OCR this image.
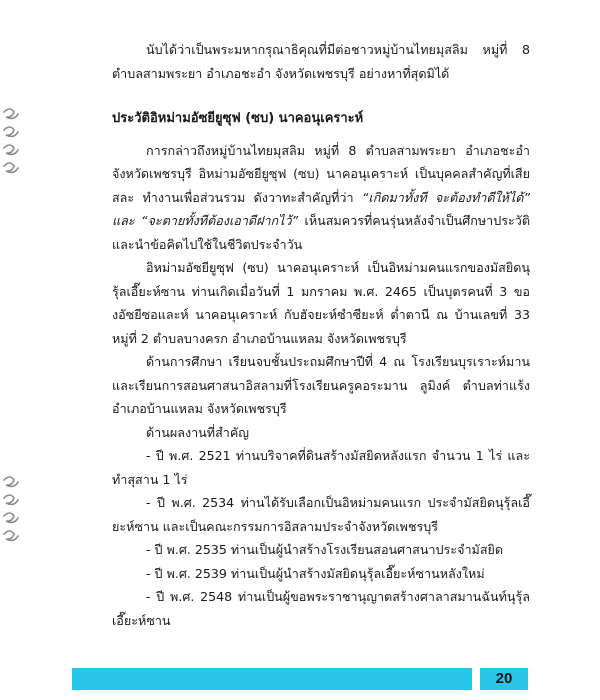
นับได้ว่าเป็นพระมหากรุณาธิคุณที่มีต่อชาวหมู่บ้านไทยมุสลิม หมู่ที่ 8 ตำบลสามพระยา อำเภอชะอำ จังหวัดเพชรบุรี อย่างหาที่สุดมิได้

ประวัติอิหม่ามอัซยียูซุฟ (ซบ) นาคอนุเคราะห์

การกล่าวถึงหมู่บ้านไทยมุสลิม หมู่ที่ 8 ตำบลสามพระยา อำเภอชะอำ จังหวัดเพชรบุรี อิหม่ามอัซยียูซุฟ (ซบ) นาคอนุเคราะห์ เป็นบุคคลสำคัญที่เสียสละ ทำงานเพื่อส่วนรวม ดังวาทะสำคัญที่ว่า “เกิดมาทั้งที จะต้องทำดีให้ได้” และ “จะตายทั้งทีต้องเอาดีฝากไว้” เห็นสมควรที่คนรุ่นหลังจำเป็นศึกษาประวัติ และนำข้อคิดไปใช้ในชีวิตประจำวัน

อิหม่ามอัซยียูซุฟ (ซบ) นาคอนุเคราะห์ เป็นอิหม่ามคนแรกของมัสยิดนุรุ้ลเอี๊ยะห์ซาน ท่านเกิดเมื่อวันที่ 1 มกราคม พ.ศ. 2465 เป็นบุตรคนที่ 3 ของอัซยีซอและห์ นาคอนุเคราะห์ กับฮัจยะห์ซำซียะห์ ต่ำตานี ณ บ้านเลขที่ 33 หมู่ที่ 2 ตำบลบางครก อำเภอบ้านแหลม จังหวัดเพชรบุรี

ด้านการศึกษา เรียนจบชั้นประถมศึกษาปีที่ 4 ณ โรงเรียนบุรเราะห์มาน และเรียนการสอนศาสนาอิสลามที่โรงเรียนครูคอระมาน ลูมิงค์ ตำบลท่าแร้ง อำเภอบ้านแหลม จังหวัดเพชรบุรี

ด้านผลงานที่สำคัญ

- ปี พ.ศ. 2521 ท่านบริจาคที่ดินสร้างมัสยิดหลังแรก จำนวน 1 ไร่ และทำสุสาน 1 ไร่

- ปี พ.ศ. 2534 ท่านได้รับเลือกเป็นอิหม่ามคนแรก ประจำมัสยิดนุรุ้ลเอี๊ยะห์ซาน และเป็นคณะกรรมการอิสลามประจำจังหวัดเพชรบุรี

- ปี พ.ศ. 2535 ท่านเป็นผู้นำสร้างโรงเรียนสอนศาสนาประจำมัสยิด

- ปี พ.ศ. 2539 ท่านเป็นผู้นำสร้างมัสยิดนุรุ้ลเอี๊ยะห์ซานหลังใหม่

- ปี พ.ศ. 2548 ท่านเป็นผู้ขอพระราชานุญาตสร้างศาลาสมานฉันท์นุรุ้ลเอี๊ยะห์ซาน

20
